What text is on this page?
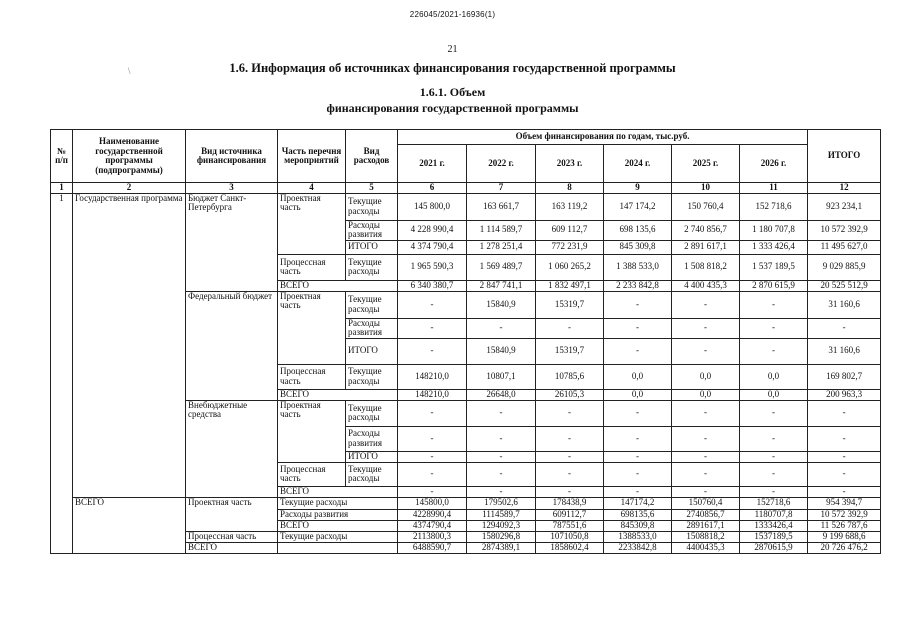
226045/2021-16936(1)
21
\	1.6. Информация об источниках финансирования государственной программы
1.6.1. Объем
финансирования государственной программы
№ п/п	Наименование государственной программы (подпрограммы)	Вид источника финансирования	Часть перечня мероприятий	Вид расходов	Объем финансирования по годам, тыс.руб.						ИТОГО
					2021 г.	2022 г.	2023 г.	2024 г.	2025 г.	2026 г.	
1	2	3	4	5	6	7	8	9	10	11	12
1	Государственная программа	Бюджет Санкт-Петербурга	Проектная часть	Текущие расходы	145 800,0	163 661,7	163 119,2	147 174,2	150 760,4	152 718,6	923 234,1
				Расходы развития	4 228 990,4	1 114 589,7	609 112,7	698 135,6	2 740 856,7	1 180 707,8	10 572 392,9
				ИТОГО	4 374 790,4	1 278 251,4	772 231,9	845 309,8	2 891 617,1	1 333 426,4	11 495 627,0
			Процессная часть	Текущие расходы	1 965 590,3	1 569 489,7	1 060 265,2	1 388 533,0	1 508 818,2	1 537 189,5	9 029 885,9
			ВСЕГО		6 340 380,7	2 847 741,1	1 832 497,1	2 233 842,8	4 400 435,3	2 870 615,9	20 525 512,9
		Федеральный бюджет	Проектная часть	Текущие расходы	-	15840,9	15319,7	-	-	-	31 160,6
				Расходы развития	-	-	-	-	-	-	-
				ИТОГО	-	15840,9	15319,7	-	-	-	31 160,6
			Процессная часть	Текущие расходы	148210,0	10807,1	10785,6	0,0	0,0	0,0	169 802,7
			ВСЕГО		148210,0	26648,0	26105,3	0,0	0,0	0,0	200 963,3
		Внебюджетные средства	Проектная часть	Текущие расходы	-	-	-	-	-	-	-
				Расходы развития	-	-	-	-	-	-	-
				ИТОГО	-	-	-	-	-	-	-
			Процессная часть	Текущие расходы	-	-	-	-	-	-	-
			ВСЕГО		-	-	-	-	-	-	-
	ВСЕГО	Проектная часть	Текущие расходы		145800,0	179502,6	178438,9	147174,2	150760,4	152718,6	954 394,7
			Расходы развития		4228990,4	1114589,7	609112,7	698135,6	2740856,7	1180707,8	10 572 392,9
			ВСЕГО		4374790,4	1294092,3	787551,6	845309,8	2891617,1	1333426,4	11 526 787,6
		Процессная часть	Текущие расходы		2113800,3	1580296,8	1071050,8	1388533,0	1508818,2	1537189,5	9 199 688,6
		ВСЕГО			6488590,7	2874389,1	1858602,4	2233842,8	4400435,3	2870615,9	20 726 476,2
